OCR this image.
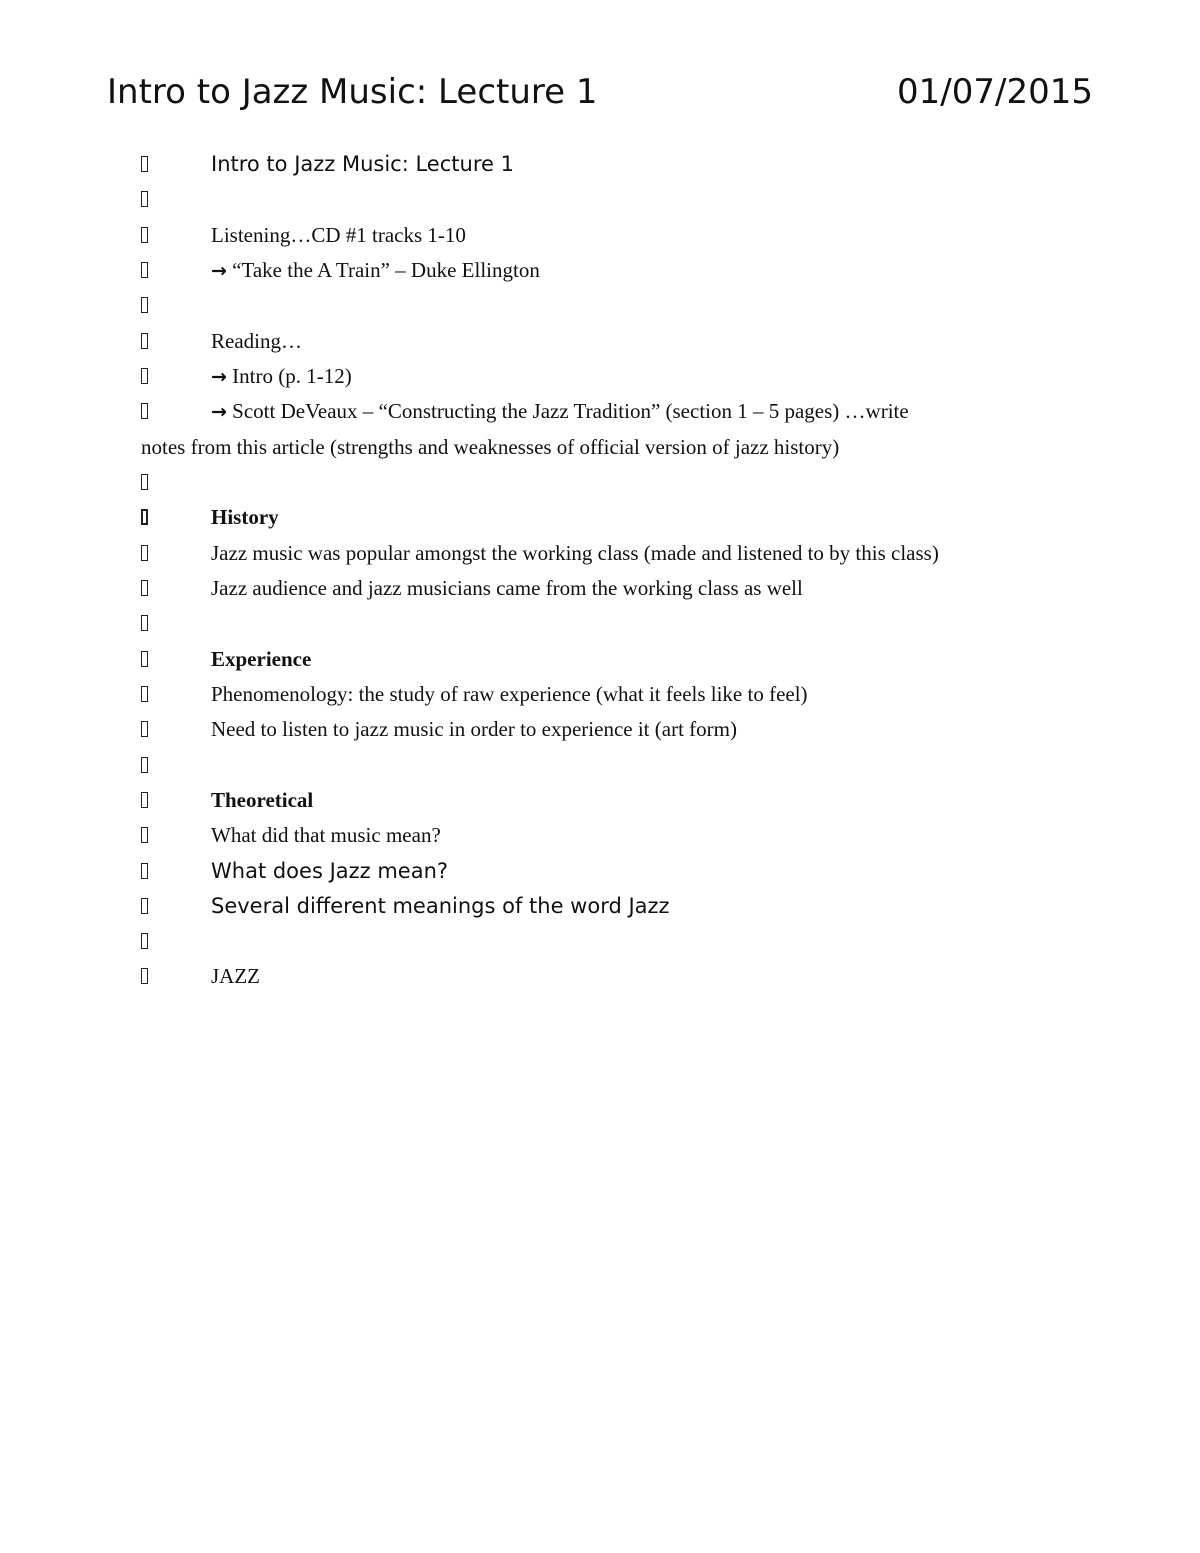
Intro to Jazz Music: Lecture 1	01/07/2015
Intro to Jazz Music: Lecture 1
Listening…CD #1 tracks 1-10
→ “Take the A Train” – Duke Ellington
Reading…
→ Intro (p. 1-12)
→ Scott DeVeaux – “Constructing the Jazz Tradition” (section 1 – 5 pages) …write
notes from this article (strengths and weaknesses of official version of jazz history)
History
Jazz music was popular amongst the working class (made and listened to by this class)
Jazz audience and jazz musicians came from the working class as well
Experience
Phenomenology: the study of raw experience (what it feels like to feel)
Need to listen to jazz music in order to experience it (art form)
Theoretical
What did that music mean?
What does Jazz mean?
Several different meanings of the word Jazz
JAZZ
